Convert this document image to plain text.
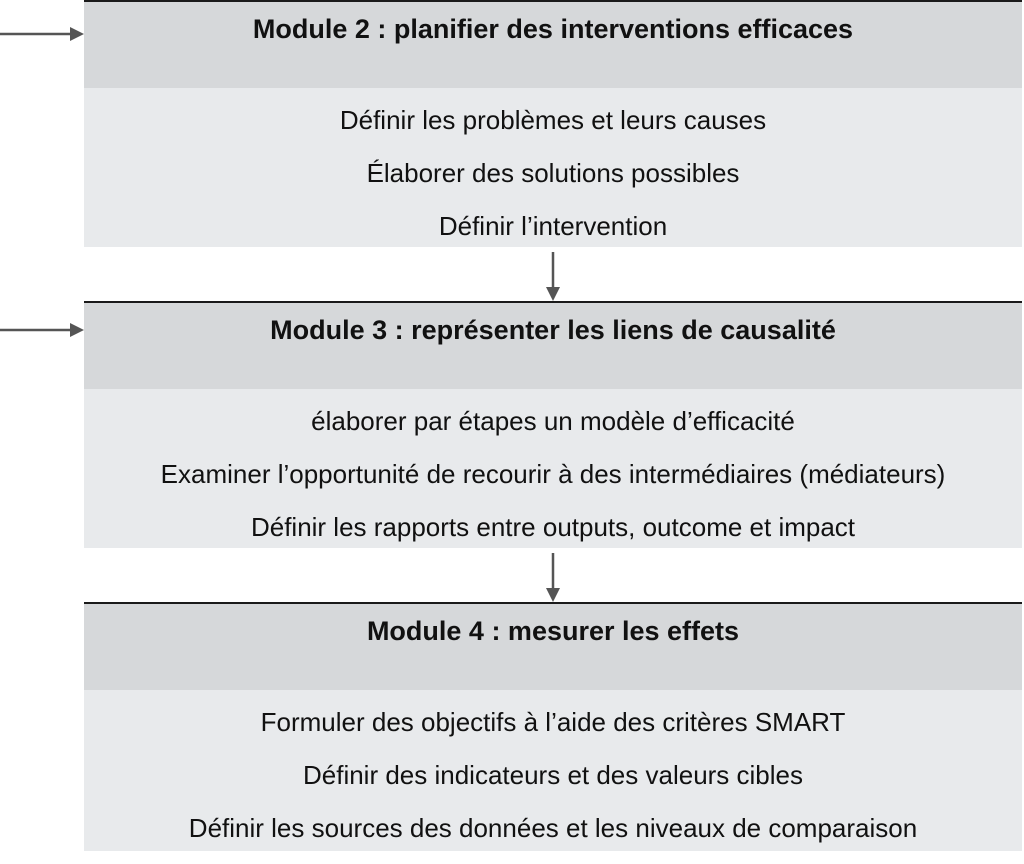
Module 2 : planifier des interventions efficaces
Définir les problèmes et leurs causes
Élaborer des solutions possibles
Définir l’intervention
Module 3 : représenter les liens de causalité
élaborer par étapes un modèle d’efficacité
Examiner l’opportunité de recourir à des intermédiaires (médiateurs)
Définir les rapports entre outputs, outcome et impact
Module 4 : mesurer les effets
Formuler des objectifs à l’aide des critères SMART
Définir des indicateurs et des valeurs cibles
Définir les sources des données et les niveaux de comparaison
